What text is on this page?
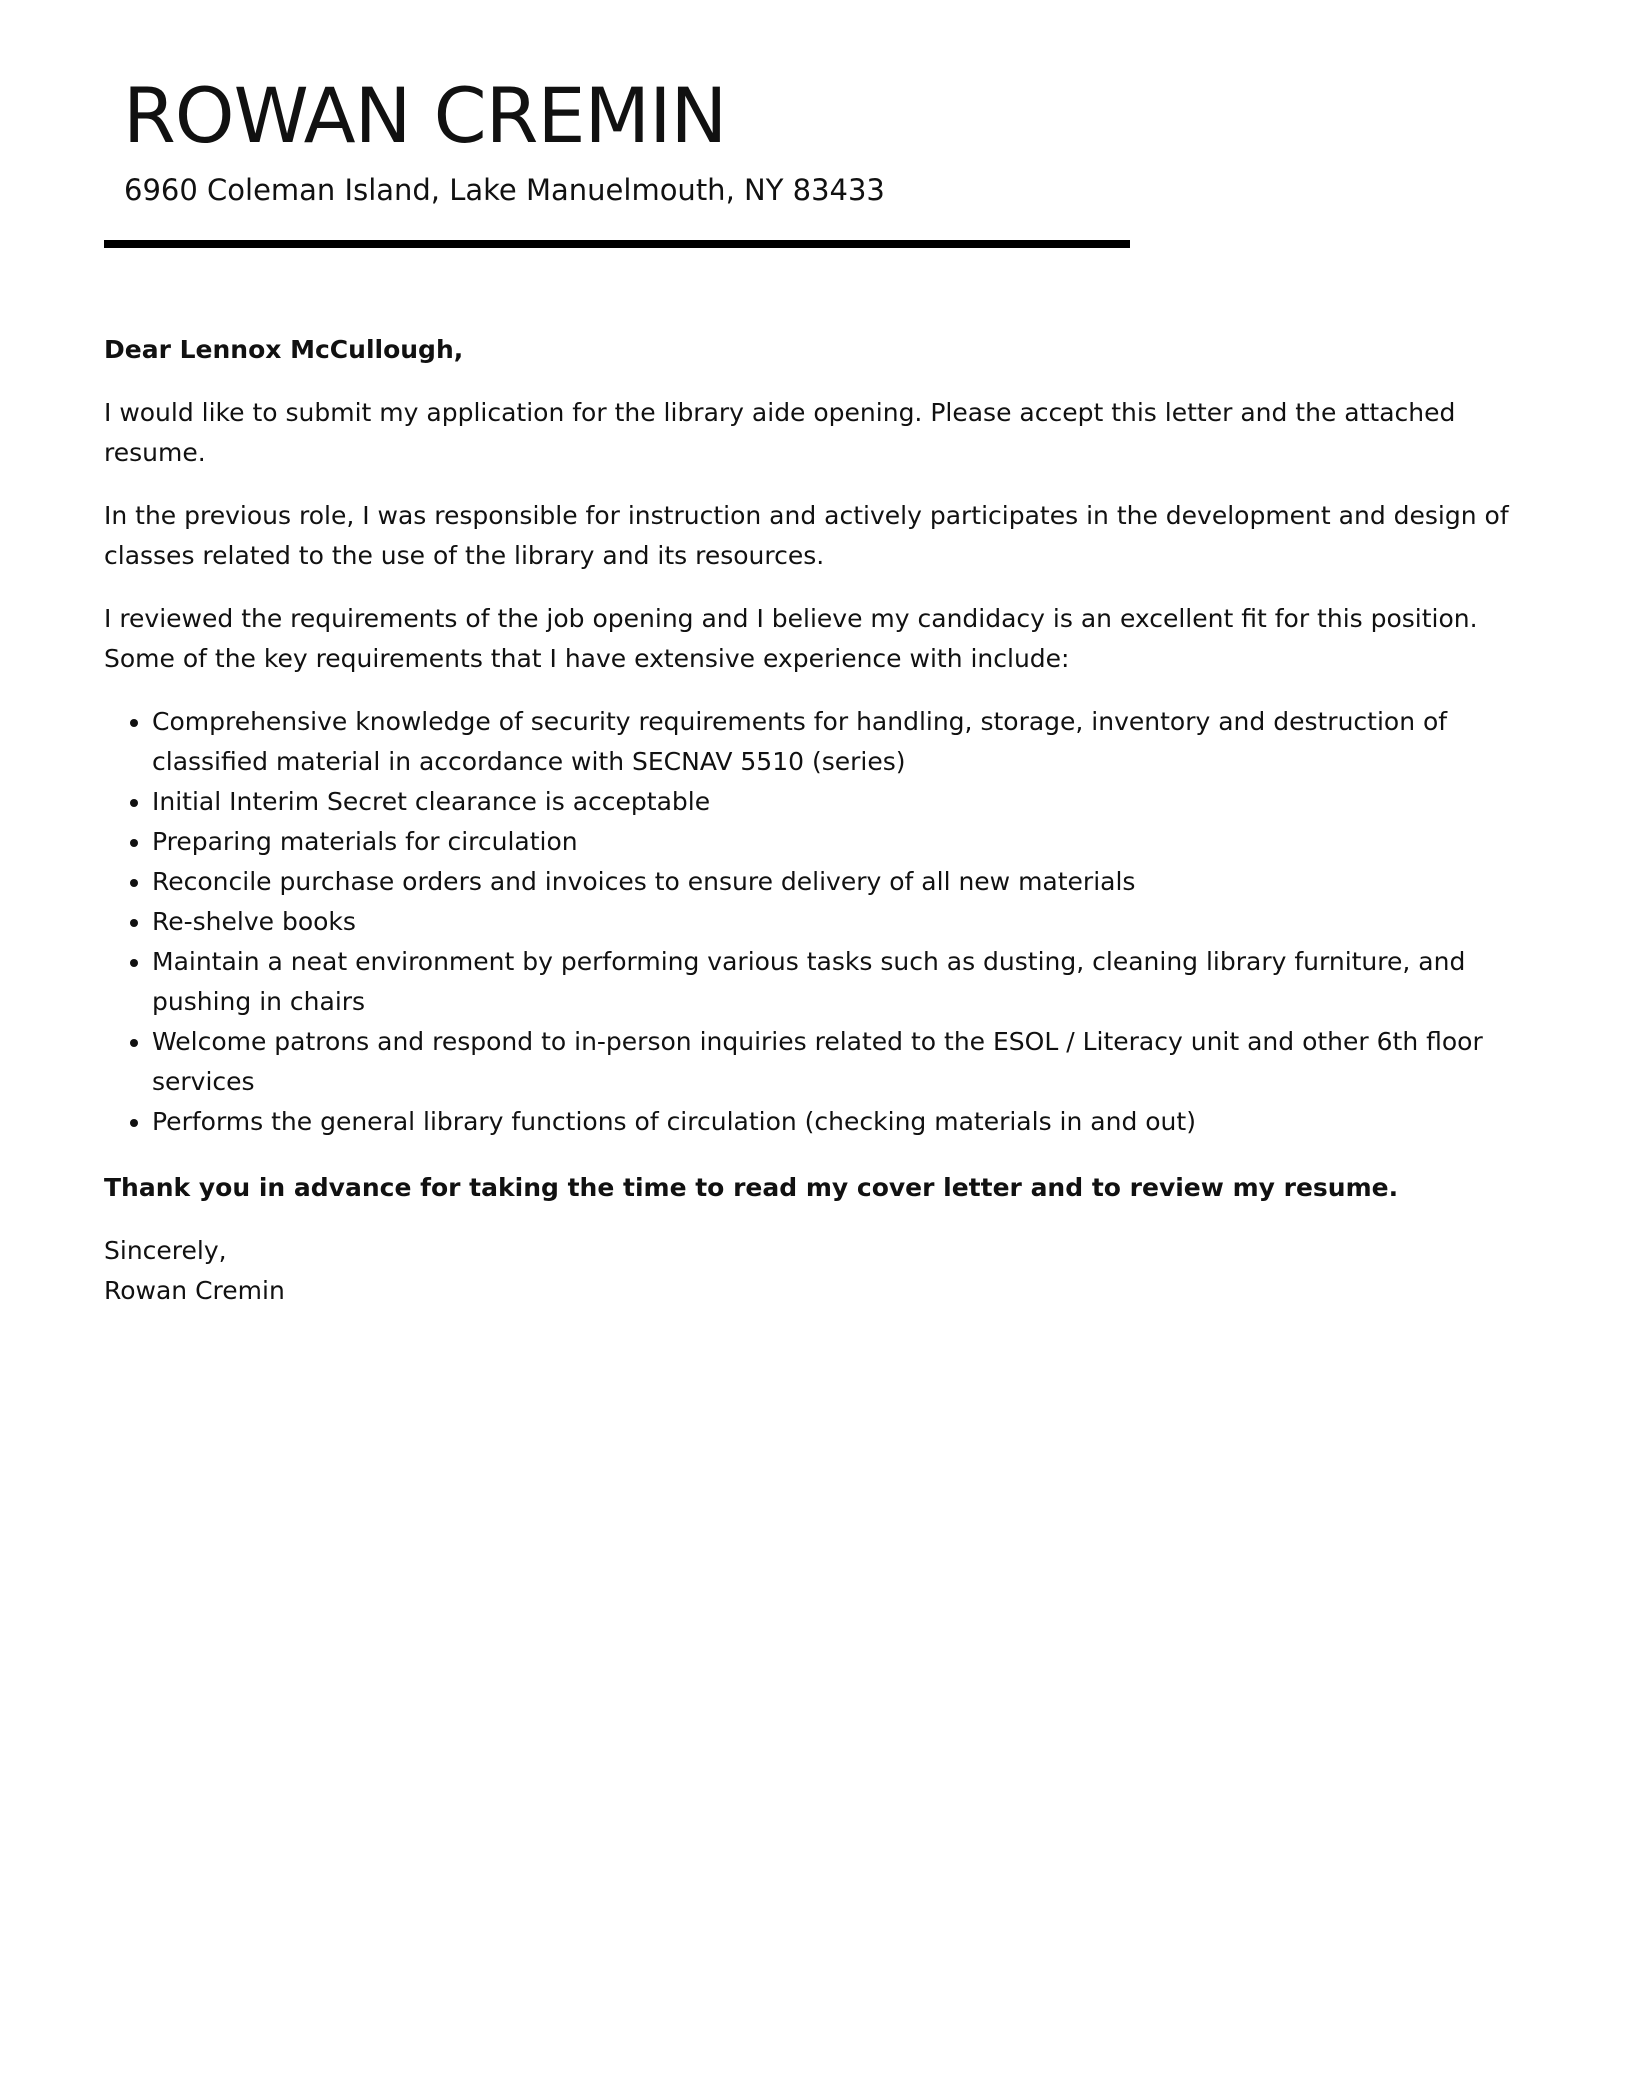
ROWAN CREMIN
6960 Coleman Island, Lake Manuelmouth, NY 83433

Dear Lennox McCullough,

I would like to submit my application for the library aide opening. Please accept this letter and the attached resume.

In the previous role, I was responsible for instruction and actively participates in the development and design of classes related to the use of the library and its resources.

I reviewed the requirements of the job opening and I believe my candidacy is an excellent fit for this position. Some of the key requirements that I have extensive experience with include:

• Comprehensive knowledge of security requirements for handling, storage, inventory and destruction of classified material in accordance with SECNAV 5510 (series)
• Initial Interim Secret clearance is acceptable
• Preparing materials for circulation
• Reconcile purchase orders and invoices to ensure delivery of all new materials
• Re-shelve books
• Maintain a neat environment by performing various tasks such as dusting, cleaning library furniture, and pushing in chairs
• Welcome patrons and respond to in-person inquiries related to the ESOL / Literacy unit and other 6th floor services
• Performs the general library functions of circulation (checking materials in and out)

Thank you in advance for taking the time to read my cover letter and to review my resume.

Sincerely,
Rowan Cremin
